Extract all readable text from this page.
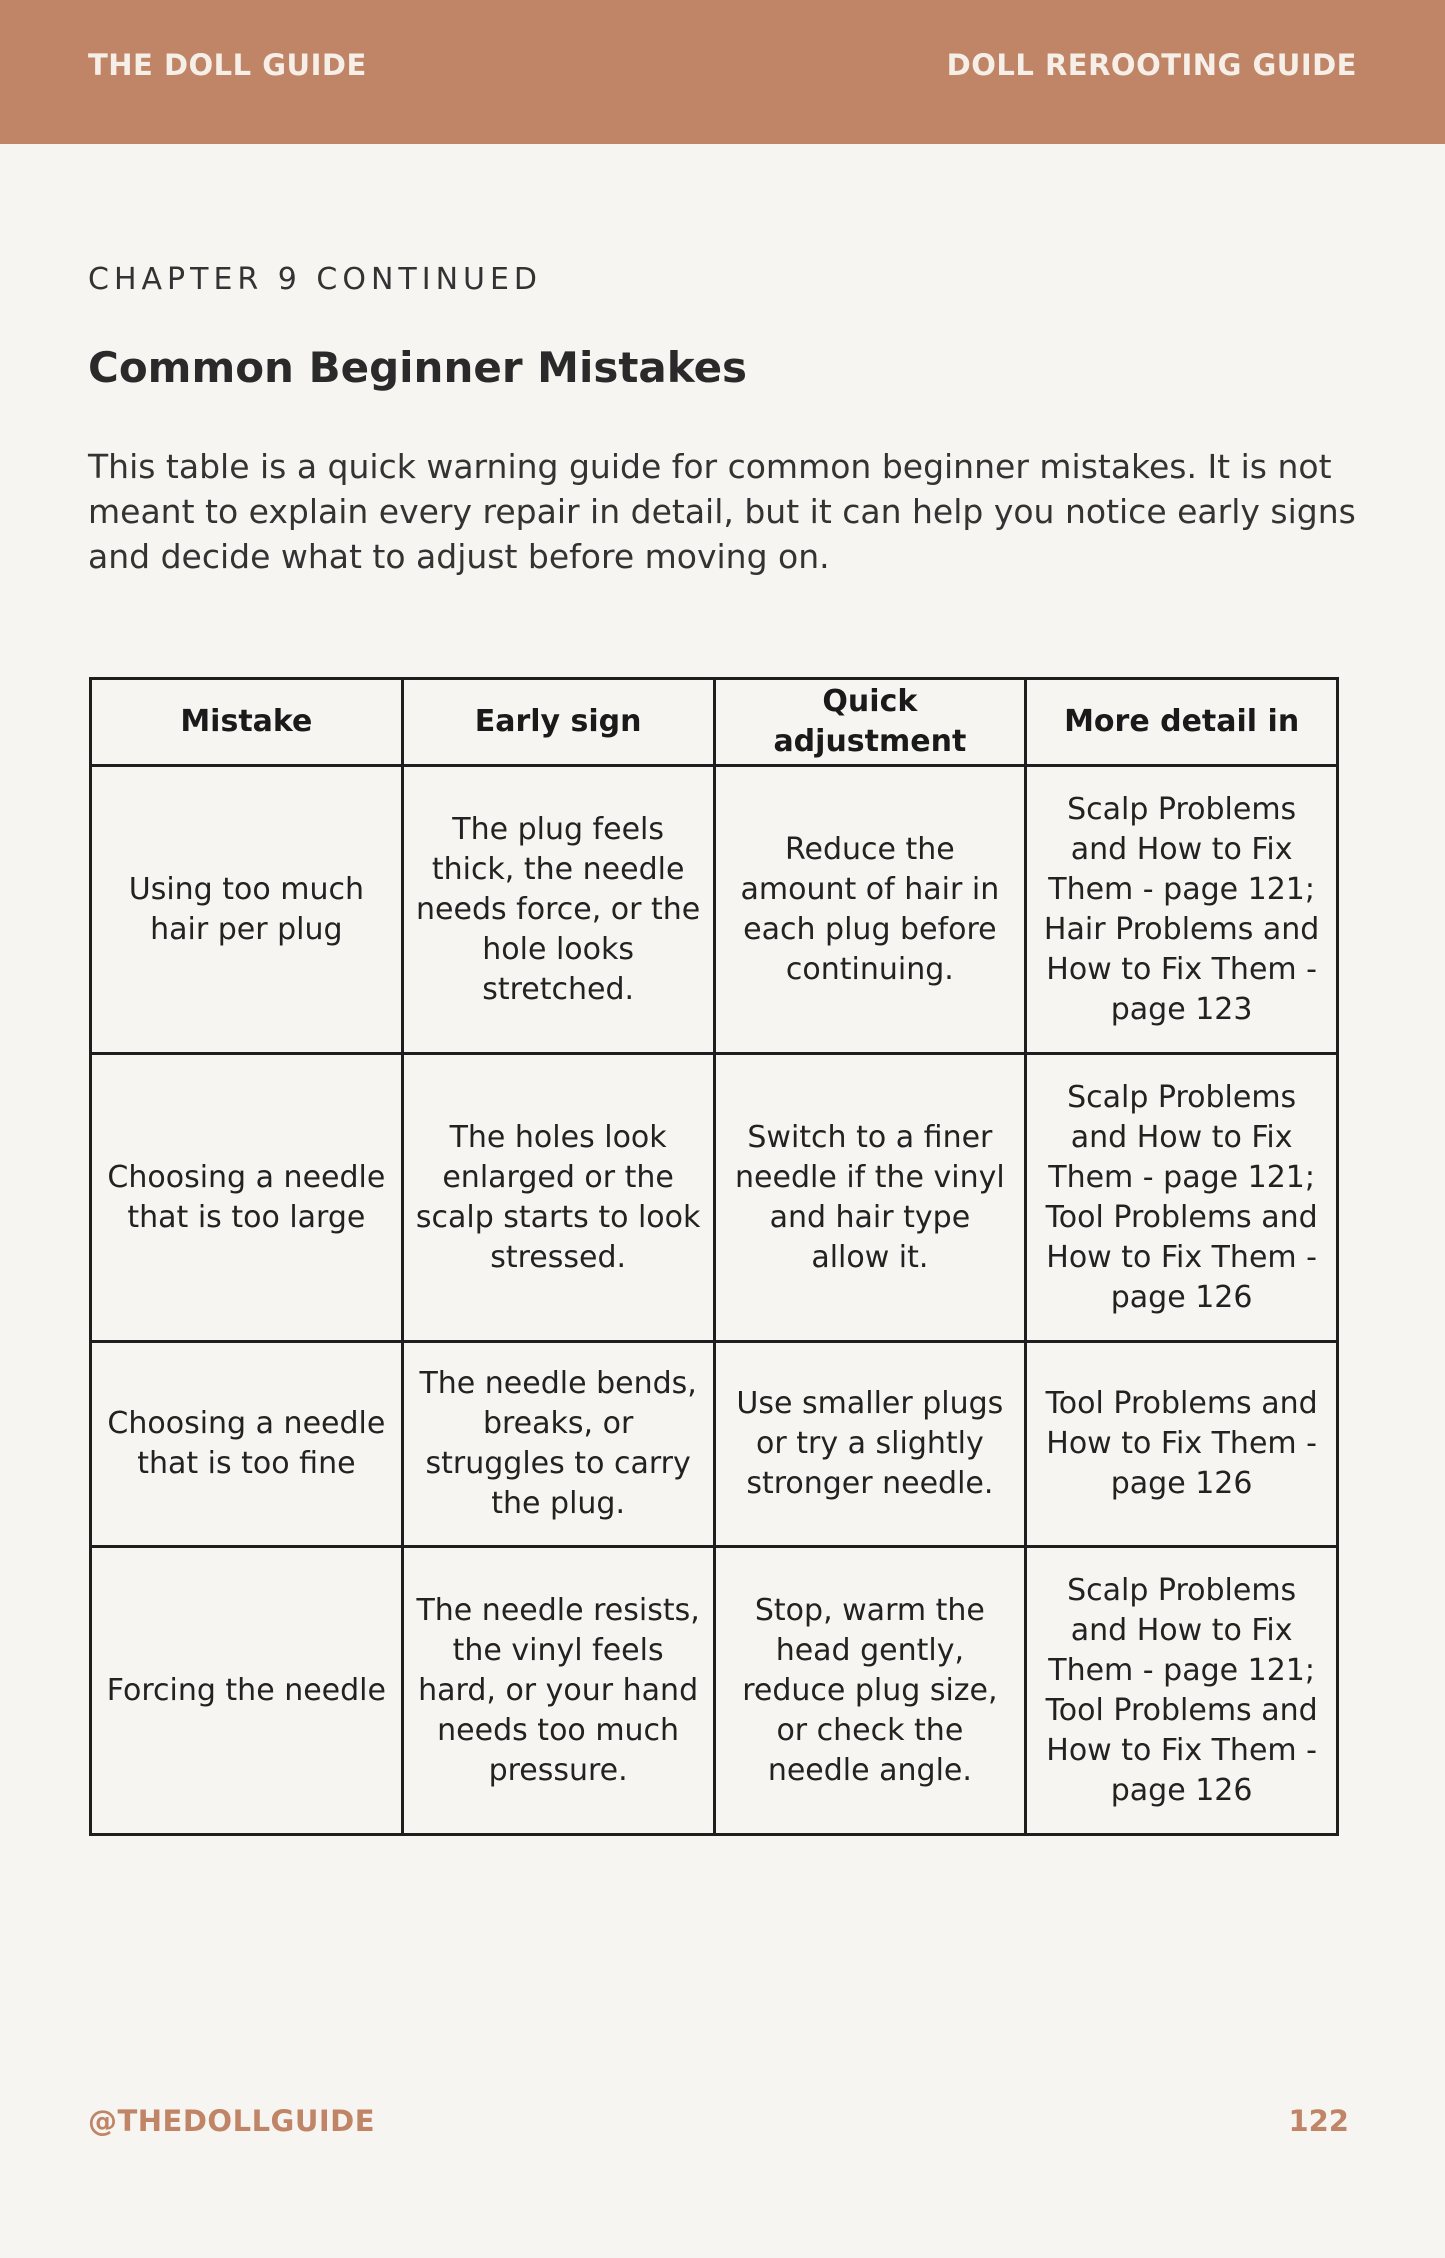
THE DOLL GUIDE	DOLL REROOTING GUIDE
CHAPTER 9 CONTINUED
Common Beginner Mistakes

This table is a quick warning guide for common beginner mistakes. It is not meant to explain every repair in detail, but it can help you notice early signs and decide what to adjust before moving on.

Mistake	Early sign	Quick adjustment	More detail in
Using too much hair per plug	The plug feels thick, the needle needs force, or the hole looks stretched.	Reduce the amount of hair in each plug before continuing.	Scalp Problems and How to Fix Them - page 121; Hair Problems and How to Fix Them - page 123
Choosing a needle that is too large	The holes look enlarged or the scalp starts to look stressed.	Switch to a finer needle if the vinyl and hair type allow it.	Scalp Problems and How to Fix Them - page 121; Tool Problems and How to Fix Them - page 126
Choosing a needle that is too fine	The needle bends, breaks, or struggles to carry the plug.	Use smaller plugs or try a slightly stronger needle.	Tool Problems and How to Fix Them - page 126
Forcing the needle	The needle resists, the vinyl feels hard, or your hand needs too much pressure.	Stop, warm the head gently, reduce plug size, or check the needle angle.	Scalp Problems and How to Fix Them - page 121; Tool Problems and How to Fix Them - page 126
@THEDOLLGUIDE	122
